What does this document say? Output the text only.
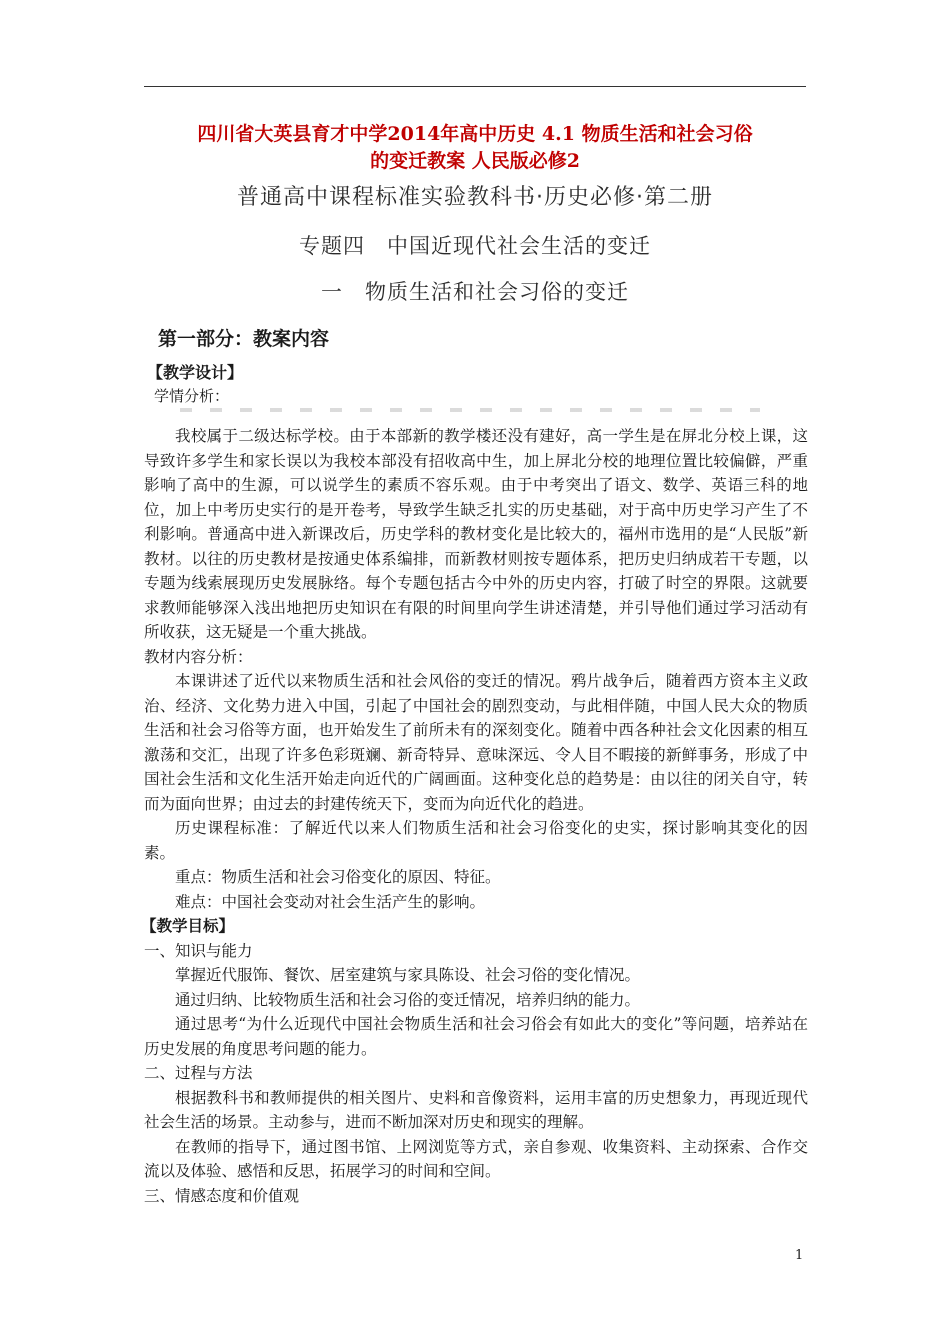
四川省大英县育才中学2014年高中历史 4.1 物质生活和社会习俗
的变迁教案 人民版必修2
普通高中课程标准实验教科书·历史必修·第二册
专题四　中国近现代社会生活的变迁
一　物质生活和社会习俗的变迁
第一部分：教案内容
【教学设计】
学情分析：

我校属于二级达标学校。由于本部新的教学楼还没有建好，高一学生是在屏北分校上课，这导致许多学生和家长误以为我校本部没有招收高中生，加上屏北分校的地理位置比较偏僻，严重影响了高中的生源，可以说学生的素质不容乐观。由于中考突出了语文、数学、英语三科的地位，加上中考历史实行的是开卷考，导致学生缺乏扎实的历史基础，对于高中历史学习产生了不利影响。普通高中进入新课改后，历史学科的教材变化是比较大的，福州市选用的是“人民版”新教材。以往的历史教材是按通史体系编排，而新教材则按专题体系，把历史归纳成若干专题，以专题为线索展现历史发展脉络。每个专题包括古今中外的历史内容，打破了时空的界限。这就要求教师能够深入浅出地把历史知识在有限的时间里向学生讲述清楚，并引导他们通过学习活动有所收获，这无疑是一个重大挑战。

教材内容分析：

本课讲述了近代以来物质生活和社会风俗的变迁的情况。鸦片战争后，随着西方资本主义政治、经济、文化势力进入中国，引起了中国社会的剧烈变动，与此相伴随，中国人民大众的物质生活和社会习俗等方面，也开始发生了前所未有的深刻变化。随着中西各种社会文化因素的相互激荡和交汇，出现了许多色彩斑斓、新奇特异、意味深远、令人目不暇接的新鲜事务，形成了中国社会生活和文化生活开始走向近代的广阔画面。这种变化总的趋势是：由以往的闭关自守，转而为面向世界；由过去的封建传统天下，变而为向近代化的趋进。

历史课程标准：了解近代以来人们物质生活和社会习俗变化的史实，探讨影响其变化的因素。

重点：物质生活和社会习俗变化的原因、特征。

难点：中国社会变动对社会生活产生的影响。

【教学目标】

一、知识与能力

掌握近代服饰、餐饮、居室建筑与家具陈设、社会习俗的变化情况。

通过归纳、比较物质生活和社会习俗的变迁情况，培养归纳的能力。

通过思考“为什么近现代中国社会物质生活和社会习俗会有如此大的变化”等问题，培养站在历史发展的角度思考问题的能力。

二、过程与方法

根据教科书和教师提供的相关图片、史料和音像资料，运用丰富的历史想象力，再现近现代社会生活的场景。主动参与，进而不断加深对历史和现实的理解。

在教师的指导下，通过图书馆、上网浏览等方式，亲自参观、收集资料、主动探索、合作交流以及体验、感悟和反思，拓展学习的时间和空间。

三、情感态度和价值观

1
